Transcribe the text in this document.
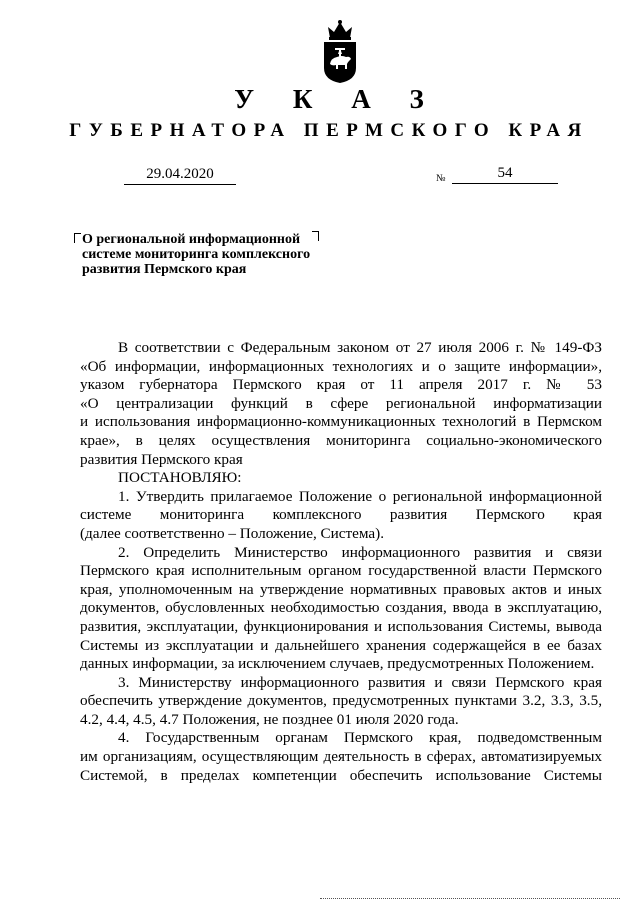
У К А З
ГУБЕРНАТОРА ПЕРМСКОГО КРАЯ
29.04.2020	№	54
О региональной информационной
системе мониторинга комплексного
развития Пермского края

В соответствии с Федеральным законом от 27 июля 2006 г. № 149-ФЗ

«Об информации, информационных технологиях и о защите информации»,

указом губернатора Пермского края от 11 апреля 2017 г. № 53

«О централизации функций в сфере региональной информатизации

и использования информационно-коммуникационных технологий в Пермском

крае», в целях осуществления мониторинга социально-экономического

развития Пермского края

ПОСТАНОВЛЯЮ:

1. Утвердить прилагаемое Положение о региональной информационной

системе мониторинга комплексного развития Пермского края

(далее соответственно – Положение, Система).

2. Определить Министерство информационного развития и связи

Пермского края исполнительным органом государственной власти Пермского

края, уполномоченным на утверждение нормативных правовых актов и иных

документов, обусловленных необходимостью создания, ввода в эксплуатацию,

развития, эксплуатации, функционирования и использования Системы, вывода

Системы из эксплуатации и дальнейшего хранения содержащейся в ее базах

данных информации, за исключением случаев, предусмотренных Положением.

3. Министерству информационного развития и связи Пермского края

обеспечить утверждение документов, предусмотренных пунктами 3.2, 3.3, 3.5,

4.2, 4.4, 4.5, 4.7 Положения, не позднее 01 июля 2020 года.

4. Государственным органам Пермского края, подведомственным

им организациям, осуществляющим деятельность в сферах, автоматизируемых

Системой, в пределах компетенции обеспечить использование Системы
